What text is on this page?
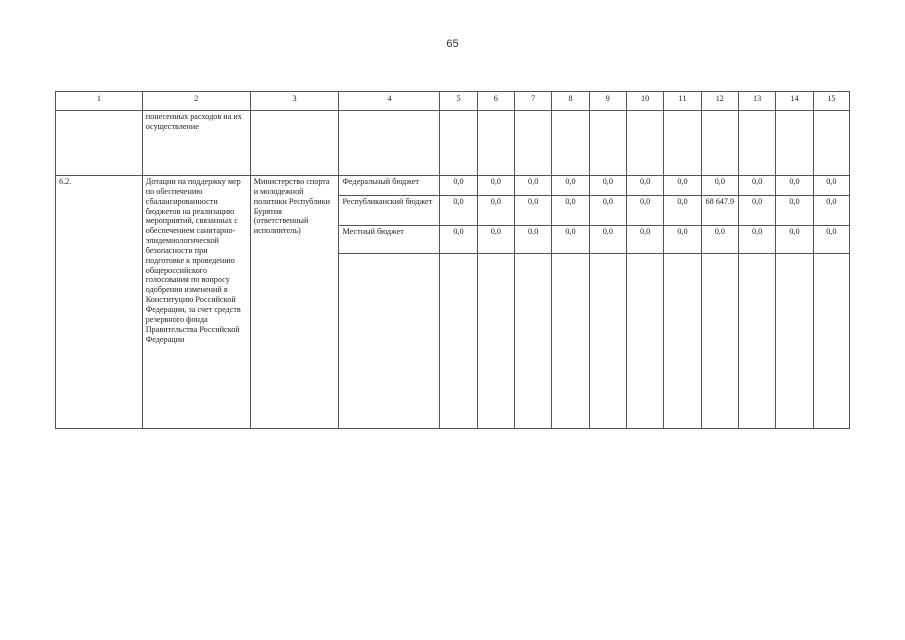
65
1	2	3	4	5	6	7	8	9	10	11	12	13	14	15
	понесенных расходов на их осуществление													
6.2.	Дотации на поддержку мер по обеспечению сбалансированности бюджетов на реализацию мероприятий, связанных с обеспечением санитарно-эпидемиологической безопасности при подготовке к проведению общероссийского голосования по вопросу одобрения изменений в Конституцию Российской Федерации, за счет средств резервного фонда Правительства Российской Федерации	Министерство спорта и молодежной политики Республики Бурятия (ответственный исполнитель)	Федеральный бюджет	0,0	0,0	0,0	0,0	0,0	0,0	0,0	0,0	0,0	0,0	0,0
			Республиканский бюджет	0,0	0,0	0,0	0,0	0,0	0,0	0,0	68 647.9	0,0	0,0	0,0
			Местный бюджет	0,0	0,0	0,0	0,0	0,0	0,0	0,0	0,0	0,0	0,0	0,0
